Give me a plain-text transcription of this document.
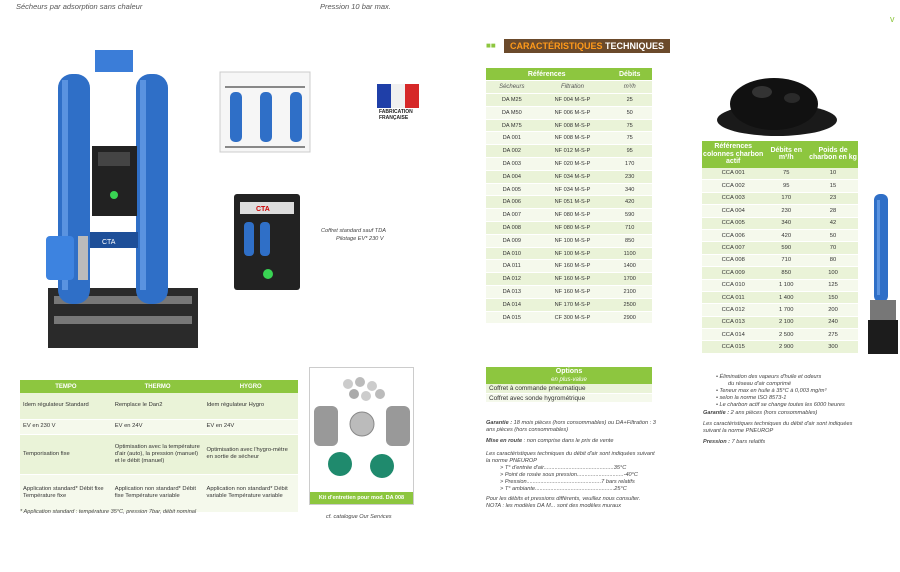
Sécheurs par adsorption sans chaleur	Pression 10 bar max.
v
CTA
FABRICATION
FRANÇAISE
CTA
Coffret standard sauf TDA
Pilotage EV* 230 V
Kit d'entretien pour mod. DA 008
cf. catalogue Our Services
TEMPO	THERMO	HYGRO
Idem régulateur Standard	Remplace le Dan2	Idem régulateur Hygro
EV en 230 V	EV en 24V	EV en 24V
Temporisation fixe	Optimisation avec la température d'air (auto), la pression (manuel) et le débit (manuel)	Optimisation avec l'hygro-mètre en sortie de sécheur
Application standard* Débit fixe Température fixe	Application non standard* Débit fixe Température variable	Application non standard* Débit variable Température variable
* Application standard : température 35°C, pression 7bar, débit nominal
■■	CARACTÉRISTIQUES TECHNIQUES
Références		Débits
Sécheurs	Filtration	m³/h
DA M25	NF 004 M-S-P	25
DA M50	NF 006 M-S-P	50
DA M75	NF 008 M-S-P	75
DA 001	NF 008 M-S-P	75
DA 002	NF 012 M-S-P	95
DA 003	NF 020 M-S-P	170
DA 004	NF 034 M-S-P	230
DA 005	NF 034 M-S-P	340
DA 006	NF 051 M-S-P	420
DA 007	NF 080 M-S-P	590
DA 008	NF 080 M-S-P	710
DA 009	NF 100 M-S-P	850
DA 010	NF 100 M-S-P	1100
DA 011	NF 160 M-S-P	1400
DA 012	NF 160 M-S-P	1700
DA 013	NF 160 M-S-P	2100
DA 014	NF 170 M-S-P	2500
DA 015	CF 300 M-S-P	2900
Options
en plus-value
Coffret à commande pneumatique
Coffret avec sonde hygrométrique
Garantie : 18 mois pièces (hors consommables) ou DA+Filtration : 3 ans pièces (hors consommables)
Mise en route : non comprise dans le prix de vente
Les caractéristiques techniques du débit d'air sont indiquées suivant la norme PNEUROP
> T° d'entrée d'air.............................................35°C
> Point de rosée sous pression..............................-40°C
> Pression................................................7 bars relatifs
> T° ambiante...................................................25°C
Pour les débits et pressions différents, veuillez nous consulter.
NOTA : les modèles DA M... sont des modèles muraux
Références colonnes charbon actif	Débits en m³/h	Poids de charbon en kg
CCA 001	75	10
CCA 002	95	15
CCA 003	170	23
CCA 004	230	28
CCA 005	340	42
CCA 006	420	50
CCA 007	590	70
CCA 008	710	80
CCA 009	850	100
CCA 010	1 100	125
CCA 011	1 400	150
CCA 012	1 700	200
CCA 013	2 100	240
CCA 014	2 500	275
CCA 015	2 900	300
• Élimination des vapeurs d'huile et odeurs
du réseau d'air comprimé
• Teneur max en huile à 35°C à 0,003 mg/m³
• selon la norme ISO 8573-1
• Le charbon actif se change toutes les 6000 heures
Garantie : 2 ans pièces (hors consommables)
Les caractéristiques techniques du débit d'air sont indiquées
suivant la norme PNEUROP
Pression : 7 bars relatifs
